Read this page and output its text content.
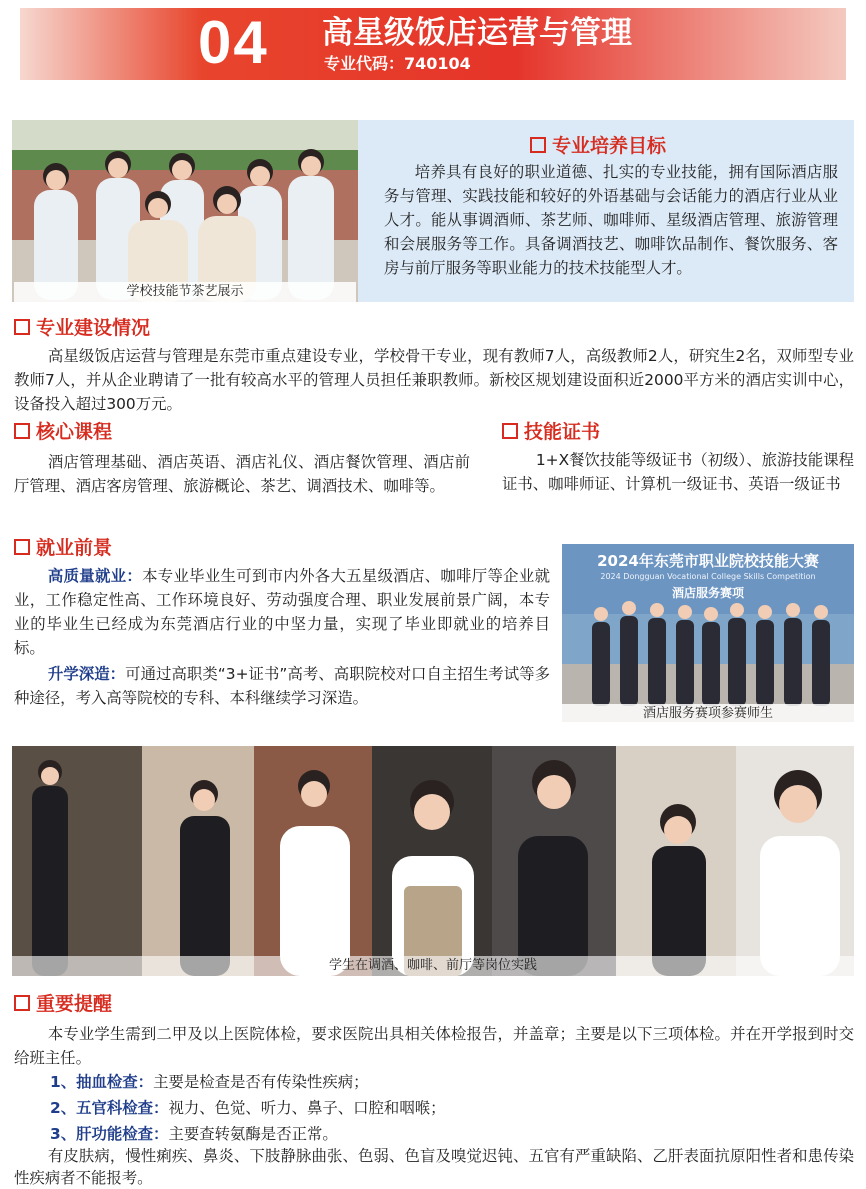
04 高星级饭店运营与管理
专业代码：740104
学校技能节茶艺展示
专业培养目标
培养具有良好的职业道德、扎实的专业技能，拥有国际酒店服务与管理、实践技能和较好的外语基础与会话能力的酒店行业从业人才。能从事调酒师、茶艺师、咖啡师、星级酒店管理、旅游管理和会展服务等工作。具备调酒技艺、咖啡饮品制作、餐饮服务、客房与前厅服务等职业能力的技术技能型人才。
专业建设情况
高星级饭店运营与管理是东莞市重点建设专业，学校骨干专业，现有教师7人，高级教师2人，研究生2名，双师型专业教师7人，并从企业聘请了一批有较高水平的管理人员担任兼职教师。新校区规划建设面积近2000平方米的酒店实训中心，设备投入超过300万元。
核心课程
酒店管理基础、酒店英语、酒店礼仪、酒店餐饮管理、酒店前厅管理、酒店客房管理、旅游概论、茶艺、调酒技术、咖啡等。
技能证书
1+X餐饮技能等级证书（初级）、旅游技能课程证书、咖啡师证、计算机一级证书、英语一级证书
就业前景
高质量就业：本专业毕业生可到市内外各大五星级酒店、咖啡厅等企业就业，工作稳定性高、工作环境良好、劳动强度合理、职业发展前景广阔，本专业的毕业生已经成为东莞酒店行业的中坚力量，实现了毕业即就业的培养目标。
升学深造：可通过高职类“3+证书”高考、高职院校对口自主招生考试等多种途径，考入高等院校的专科、本科继续学习深造。
2024年东莞市职业院校技能大赛
2024 Dongguan Vocational College Skills Competition
酒店服务赛项
酒店服务赛项参赛师生
学生在调酒、咖啡、前厅等岗位实践
重要提醒
本专业学生需到二甲及以上医院体检，要求医院出具相关体检报告，并盖章；主要是以下三项体检。并在开学报到时交给班主任。
1、抽血检查：主要是检查是否有传染性疾病；
2、五官科检查：视力、色觉、听力、鼻子、口腔和咽喉；
3、肝功能检查：主要查转氨酶是否正常。
有皮肤病，慢性痢疾、鼻炎、下肢静脉曲张、色弱、色盲及嗅觉迟钝、五官有严重缺陷、乙肝表面抗原阳性者和患传染性疾病者不能报考。
